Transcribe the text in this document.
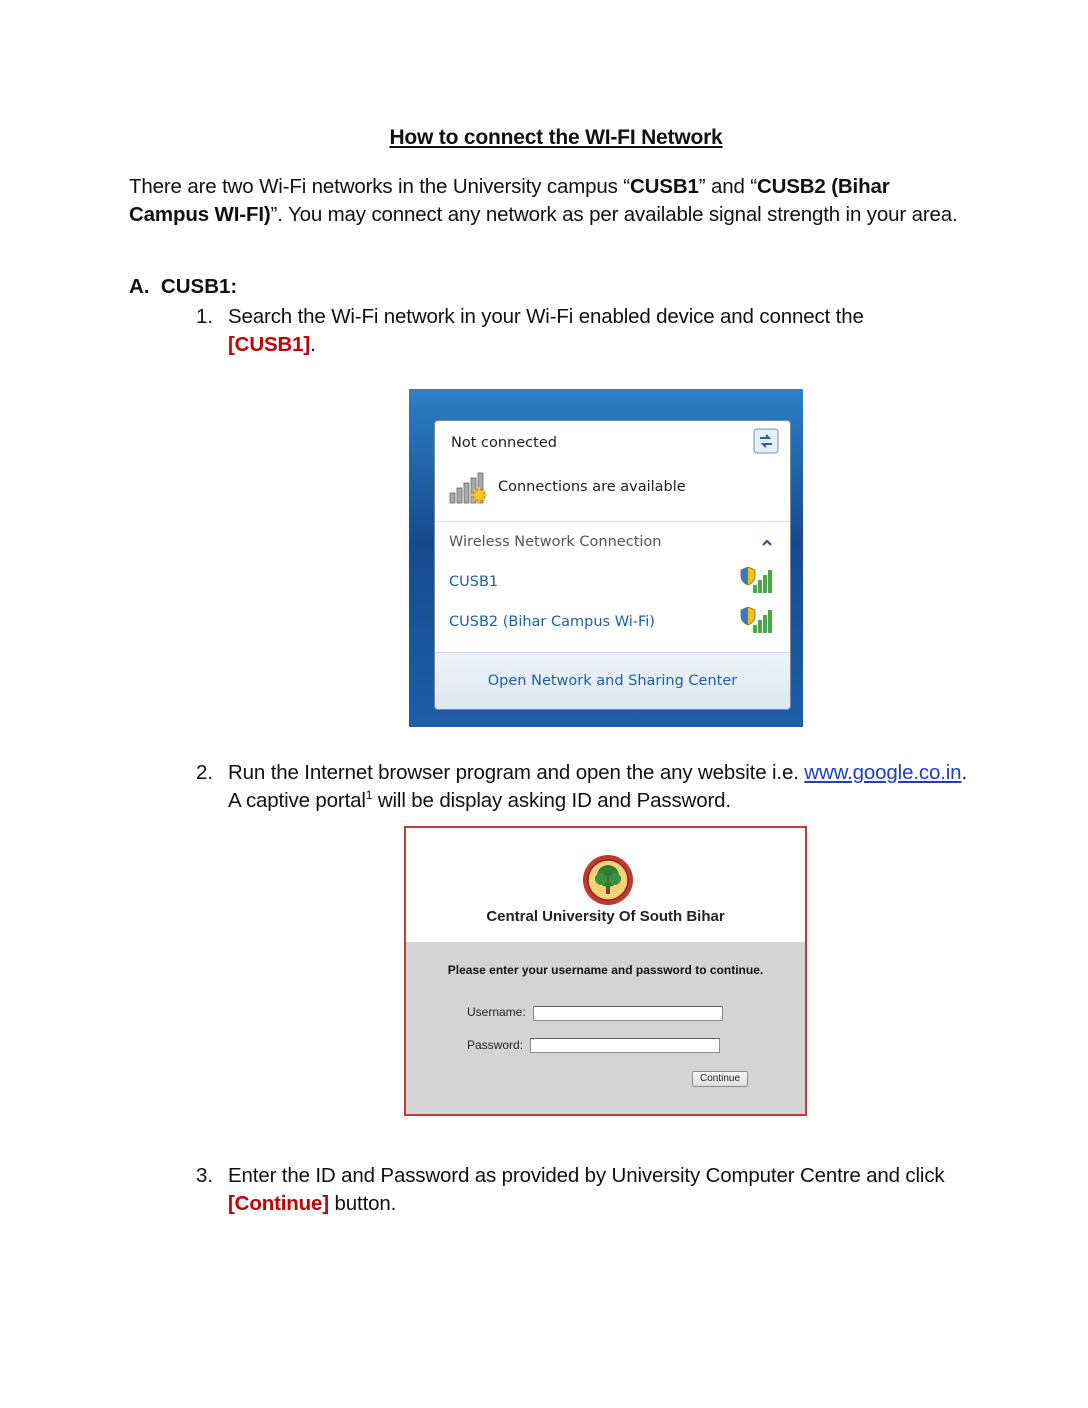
How to connect the WI-FI Network
There are two Wi-Fi networks in the University campus “CUSB1” and “CUSB2 (Bihar Campus WI-FI)”. You may connect any network as per available signal strength in your area.
A. CUSB1:
1. Search the Wi-Fi network in your Wi-Fi enabled device and connect the [CUSB1].
Not connected
Connections are available
Wireless Network Connection
CUSB1
CUSB2 (Bihar Campus Wi-Fi)
Open Network and Sharing Center
2. Run the Internet browser program and open the any website i.e. www.google.co.in. A captive portal$^1$ will be display asking ID and Password.
Central University Of South Bihar
Please enter your username and password to continue.
Username:
Password:
Continue
3. Enter the ID and Password as provided by University Computer Centre and click [Continue] button.
